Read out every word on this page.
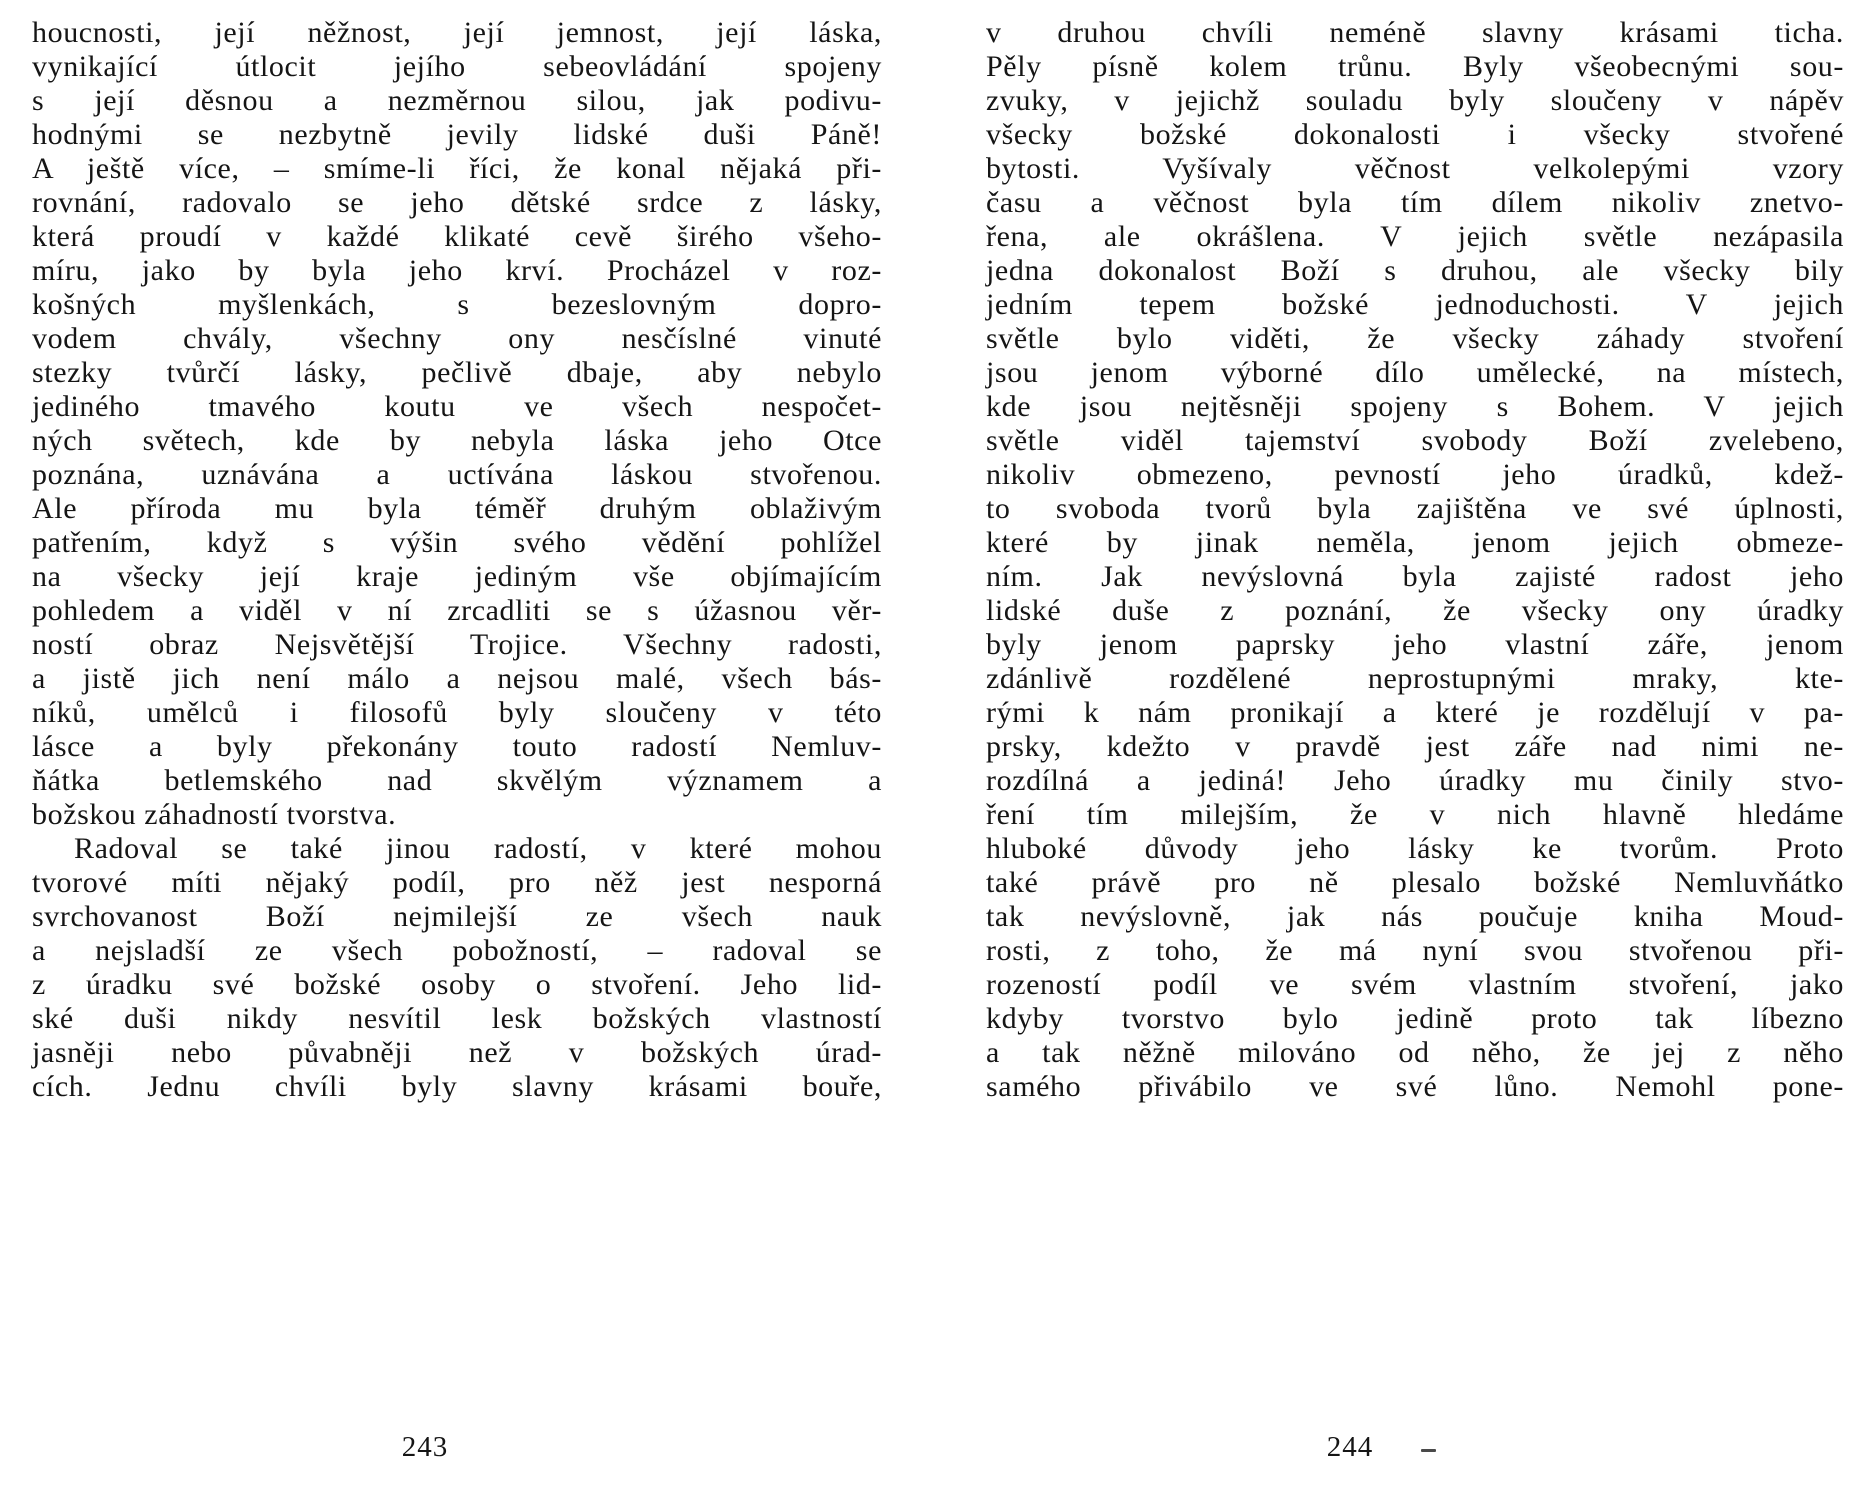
houcnosti, její něžnost, její jemnost, její láska,
vynikající útlocit jejího sebeovládání spojeny
s její děsnou a nezměrnou silou, jak podivu-
hodnými se nezbytně jevily lidské duši Páně!
A ještě více, – smíme-li říci, že konal nějaká při-
rovnání, radovalo se jeho dětské srdce z lásky,
která proudí v každé klikaté cevě širého všeho-
míru, jako by byla jeho krví. Procházel v roz-
košných myšlenkách, s bezeslovným dopro-
vodem chvály, všechny ony nesčíslné vinuté
stezky tvůrčí lásky, pečlivě dbaje, aby nebylo
jediného tmavého koutu ve všech nespočet-
ných světech, kde by nebyla láska jeho Otce
poznána, uznávána a uctívána láskou stvořenou.
Ale příroda mu byla téměř druhým oblaživým
patřením, když s výšin svého vědění pohlížel
na všecky její kraje jediným vše objímajícím
pohledem a viděl v ní zrcadliti se s úžasnou věr-
ností obraz Nejsvětější Trojice. Všechny radosti,
a jistě jich není málo a nejsou malé, všech bás-
níků, umělců i filosofů byly sloučeny v této
lásce a byly překonány touto radostí Nemluv-
ňátka betlemského nad skvělým významem a
božskou záhadností tvorstva.
Radoval se také jinou radostí, v které mohou
tvorové míti nějaký podíl, pro něž jest nesporná
svrchovanost Boží nejmilejší ze všech nauk
a nejsladší ze všech pobožností, – radoval se
z úradku své božské osoby o stvoření. Jeho lid-
ské duši nikdy nesvítil lesk božských vlastností
jasněji nebo půvabněji než v božských úrad-
cích. Jednu chvíli byly slavny krásami bouře,
v druhou chvíli neméně slavny krásami ticha.
Pěly písně kolem trůnu. Byly všeobecnými sou-
zvuky, v jejichž souladu byly sloučeny v nápěv
všecky božské dokonalosti i všecky stvořené
bytosti. Vyšívaly věčnost velkolepými vzory
času a věčnost byla tím dílem nikoliv znetvo-
řena, ale okrášlena. V jejich světle nezápasila
jedna dokonalost Boží s druhou, ale všecky bily
jedním tepem božské jednoduchosti. V jejich
světle bylo viděti, že všecky záhady stvoření
jsou jenom výborné dílo umělecké, na místech,
kde jsou nejtěsněji spojeny s Bohem. V jejich
světle viděl tajemství svobody Boží zvelebeno,
nikoliv obmezeno, pevností jeho úradků, kdež-
to svoboda tvorů byla zajištěna ve své úplnosti,
které by jinak neměla, jenom jejich obmeze-
ním. Jak nevýslovná byla zajisté radost jeho
lidské duše z poznání, že všecky ony úradky
byly jenom paprsky jeho vlastní záře, jenom
zdánlivě rozdělené neprostupnými mraky, kte-
rými k nám pronikají a které je rozdělují v pa-
prsky, kdežto v pravdě jest záře nad nimi ne-
rozdílná a jediná! Jeho úradky mu činily stvo-
ření tím milejším, že v nich hlavně hledáme
hluboké důvody jeho lásky ke tvorům. Proto
také právě pro ně plesalo božské Nemluvňátko
tak nevýslovně, jak nás poučuje kniha Moud-
rosti, z toho, že má nyní svou stvořenou při-
rozeností podíl ve svém vlastním stvoření, jako
kdyby tvorstvo bylo jedině proto tak líbezno
a tak něžně milováno od něho, že jej z něho
samého přivábilo ve své lůno. Nemohl pone-
243	244
